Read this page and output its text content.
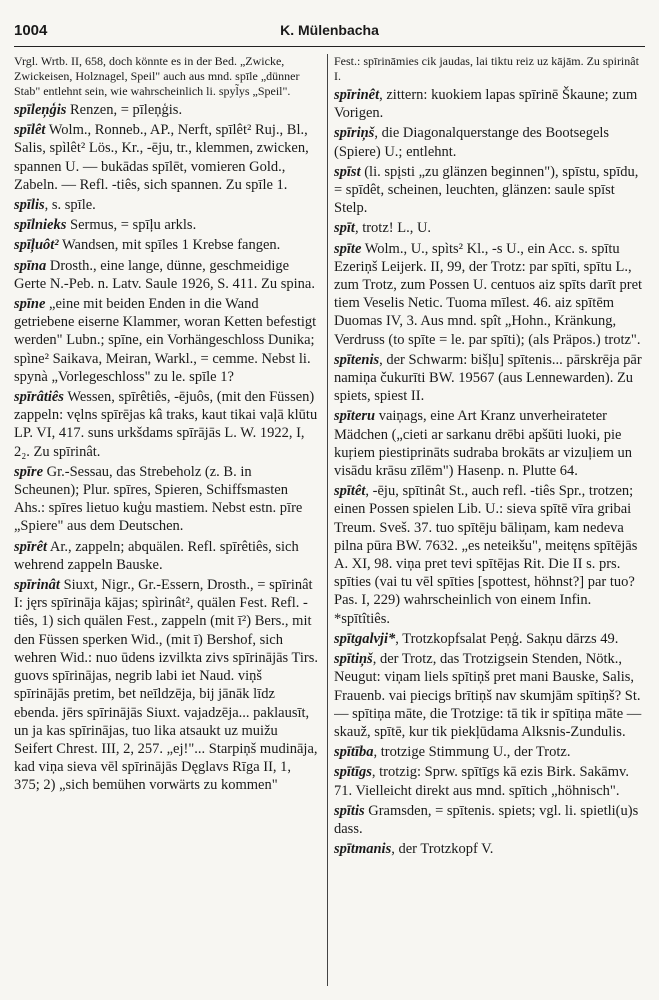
1004	K. Mülenbacha

Vrgl. Wrtb. II, 658, doch könnte es in der Bed. „Zwicke, Zwickeisen, Holznagel, Speil" auch aus mnd. spīle „dünner Stab" entlehnt sein, wie wahrscheinlich li. spyl̃ys „Speil".

spīleņģis Renzen, = pīleņģis.

spīlêt Wolm., Ronneb., AP., Nerft, spīlêt² Ruj., Bl., Salis, spìlêt² Lös., Kr., -ēju, tr., klemmen, zwicken, spannen U. — bukādas spīlēt, vomieren Gold., Zabeln. — Refl. -tiês, sich spannen. Zu spīle 1.

spīlis, s. spīle.

spīlnieks Sermus, = spīļu arkls.

spīļuôt² Wandsen, mit spīles 1 Krebse fangen.

spīna Drosth., eine lange, dünne, geschmeidige Gerte N.-Peb. n. Latv. Saule 1926, S. 411. Zu spina.

spīne „eine mit beiden Enden in die Wand getriebene eiserne Klammer, woran Ketten befestigt werden" Lubn.; spīne, ein Vorhängeschloss Dunika; spìne² Saikava, Meiran, Warkl., = cemme. Nebst li. spynà „Vorlegeschloss" zu le. spīle 1?

spīrâtiês Wessen, spīrêtiês, -ējuôs, (mit den Füssen) zappeln: vęlns spīrējas kâ traks, kaut tikai vaļā klūtu LP. VI, 417. suns urkšdams spīrājās L. W. 1922, I, 2₂. Zu spīrinât.

spīre Gr.-Sessau, das Strebeholz (z. B. in Scheunen); Plur. spīres, Spieren, Schiffsmasten Ahs.: spīres lietuo kuģu mastiem. Nebst estn. pīre „Spiere" aus dem Deutschen.

spīrêt Ar., zappeln; abquälen. Refl. spīrêtiês, sich wehrend zappeln Bauske.

spīrinât Siuxt, Nigr., Gr.-Essern, Drosth., = spīrinât I: jęrs spīrināja kājas; spìrinât², quälen Fest. Refl. -tiês, 1) sich quälen Fest., zappeln (mit ī²) Bers., mit den Füssen sperken Wid., (mit ī) Bershof, sich wehren Wid.: nuo ūdens izvilkta zivs spīrinājās Tirs. guovs spīrinājas, negrib labi iet Naud. viņš spīrinājās pretim, bet neīldzēja, bij jānāk līdz ebenda. jērs spīrinājās Siuxt. vajadzēja... paklausīt, un ja kas spīrinājas, tuo lika atsaukt uz muižu Seifert Chrest. III, 2, 257. „ej!"... Starpiņš mudināja, kad viņa sieva vēl spīrinājās Dęglavs Rīga II, 1, 375; 2) „sich bemühen vorwärts zu kommen"

Fest.: spīrināmies cik jaudas, lai tiktu reiz uz kājām. Zu spirinât I.

spīrinêt, zittern: kuokiem lapas spīrinē Škaune; zum Vorigen.

spīriņš, die Diagonalquerstange des Bootsegels (Spiere) U.; entlehnt.

spīst (li. spįsti „zu glänzen beginnen"), spīstu, spīdu, = spīdêt, scheinen, leuchten, glänzen: saule spīst Stelp.

spīt, trotz! L., U.

spīte Wolm., U., spìts² Kl., -s U., ein Acc. s. spītu Ezeriņš Leijerk. II, 99, der Trotz: par spīti, spītu L., zum Trotz, zum Possen U. centuos aiz spīts darīt pret tiem Veselis Netic. Tuoma mīlest. 46. aiz spītēm Duomas IV, 3. Aus mnd. spît „Hohn., Kränkung, Verdruss (to spīte = le. par spīti); (als Präpos.) trotz".

spītenis, der Schwarm: bišļu] spītenis... pārskrēja pār namiņa čukurīti BW. 19567 (aus Lennewarden). Zu spiets, spiest II.

spīteru vaiņags, eine Art Kranz unverheirateter Mädchen („cieti ar sarkanu drēbi apšūti luoki, pie kuŗiem piestiprināts sudraba brokāts ar vizuļiem un visādu krāsu zīlēm") Hasenp. n. Plutte 64.

spītêt, -ēju, spītinât St., auch refl. -tiês Spr., trotzen; einen Possen spielen Lib. U.: sieva spītē vīra gribai Treum. Sveš. 37. tuo spītēju bāliņam, kam nedeva pilna pūra BW. 7632. „es neteikšu", meitęns spītējās A. XI, 98. viņa pret tevi spītējas Rit. Die II s. prs. spīties (vai tu vēl spīties [spottest, höhnst?] par tuo? Pas. I, 229) wahrscheinlich von einem Infin. *spītîtiês.

spītgalvji*, Trotzkopfsalat Peņģ. Sakņu dārzs 49.

spītiņš, der Trotz, das Trotzigsein Stenden, Nötk., Neugut: viņam liels spītiņš pret mani Bauske, Salis, Frauenb. vai piecigs brītiņš nav skumjām spītiņš? St. — spītiņa māte, die Trotzige: tā tik ir spītiņa māte — skauž, spītē, kur tik piekļūdama Alksnis-Zundulis.

spītība, trotzige Stimmung U., der Trotz.

spītīgs, trotzig: Sprw. spītīgs kā ezis Birk. Sakāmv. 71. Vielleicht direkt aus mnd. spītich „höhnisch".

spītis Gramsden, = spītenis. spiets; vgl. li. spietli(u)s dass.

spītmanis, der Trotzkopf V.
